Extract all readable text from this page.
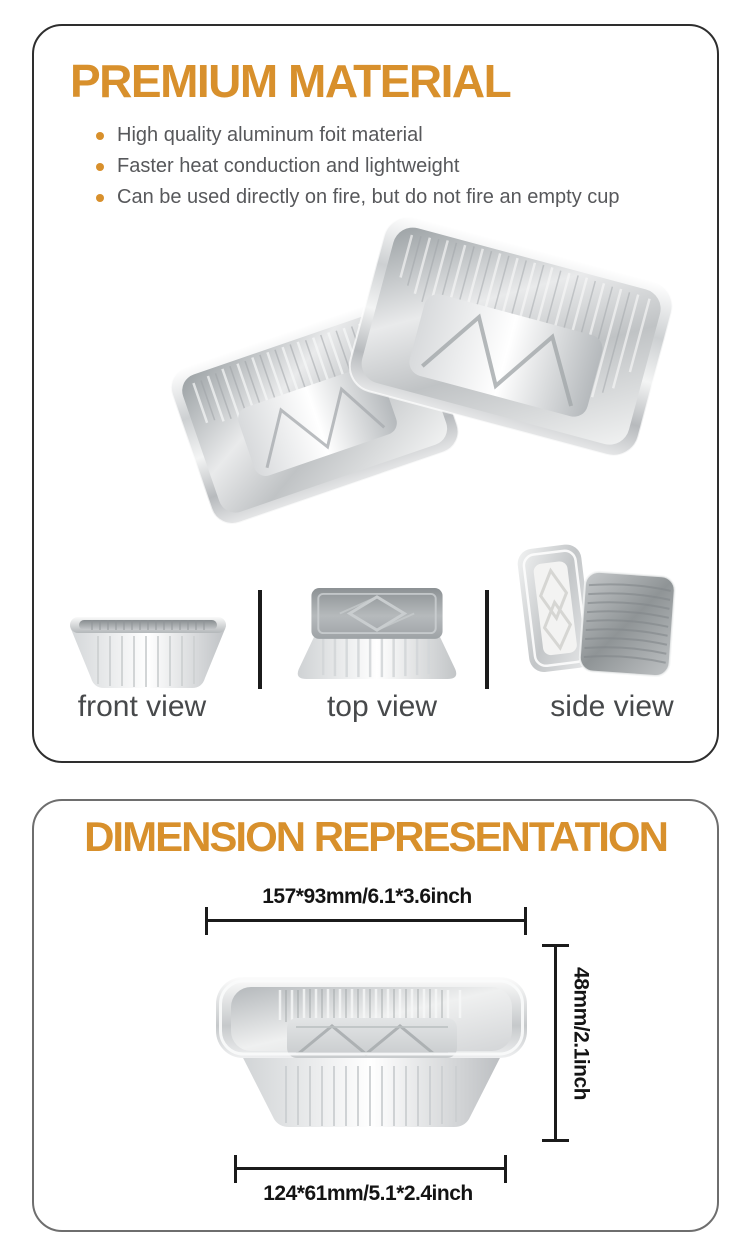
PREMIUM MATERIAL
High quality aluminum foit material
Faster heat conduction and lightweight
Can be used directly on fire, but do not fire an empty cup
front view	top view	side view
DIMENSION REPRESENTATION
157*93mm/6.1*3.6inch
48mm/2.1inch
124*61mm/5.1*2.4inch
